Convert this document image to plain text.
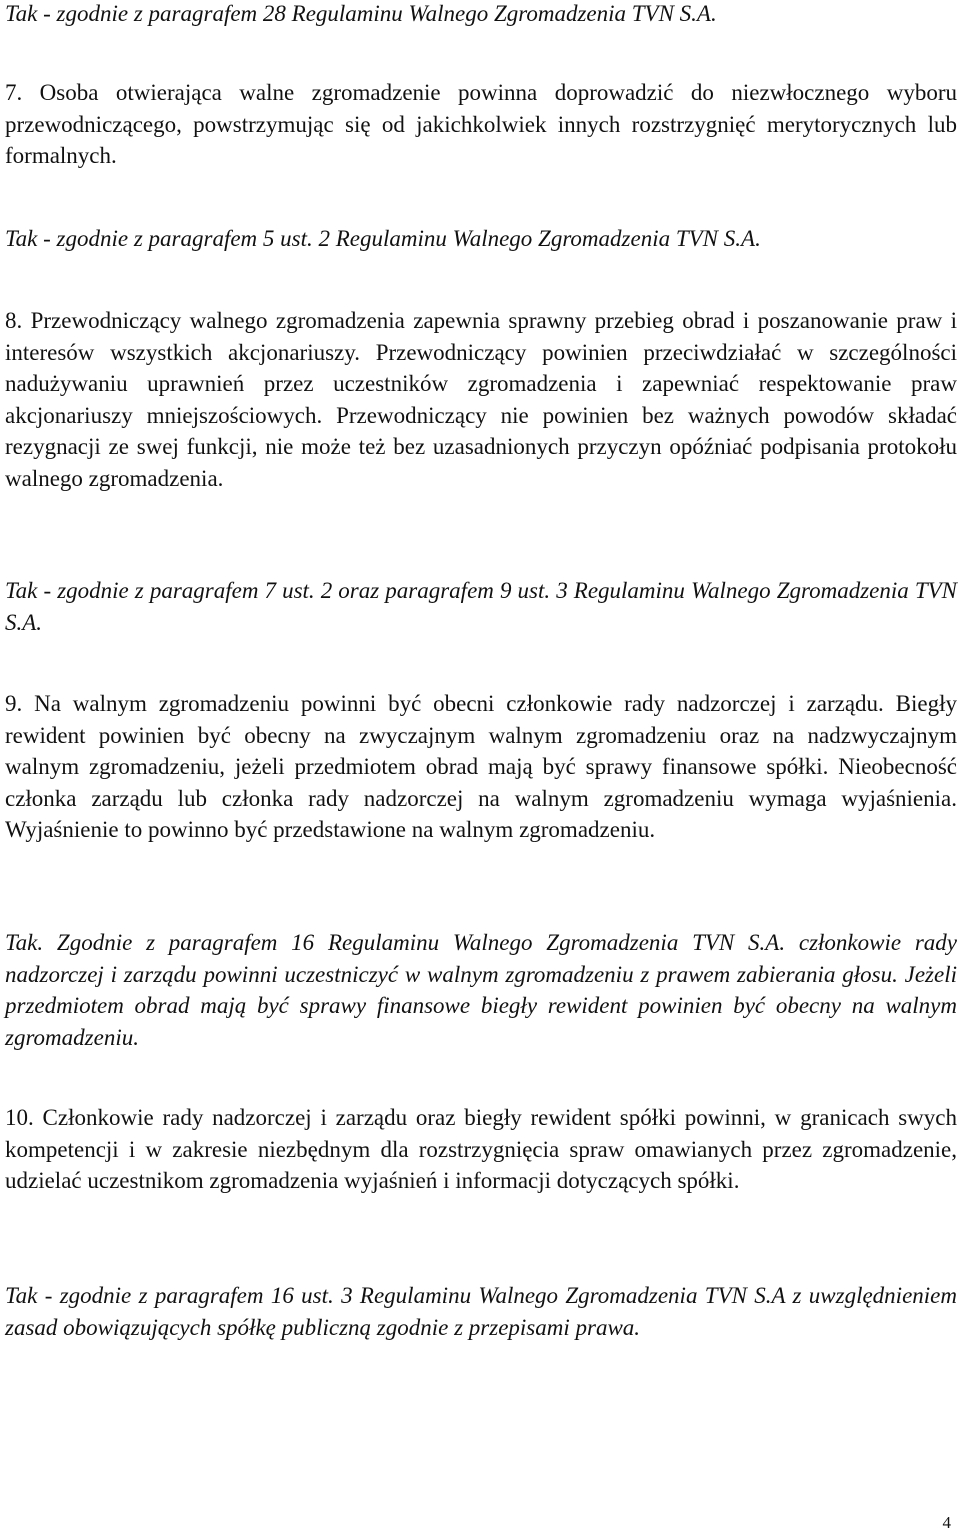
Tak - zgodnie z paragrafem 28 Regulaminu Walnego Zgromadzenia TVN S.A.

7. Osoba otwierająca walne zgromadzenie powinna doprowadzić do niezwłocznego wyboru przewodniczącego, powstrzymując się od jakichkolwiek innych rozstrzygnięć merytorycznych lub formalnych.

Tak - zgodnie z paragrafem 5 ust. 2 Regulaminu Walnego Zgromadzenia TVN S.A.

8. Przewodniczący walnego zgromadzenia zapewnia sprawny przebieg obrad i poszanowanie praw i interesów wszystkich akcjonariuszy. Przewodniczący powinien przeciwdziałać w szczególności nadużywaniu uprawnień przez uczestników zgromadzenia i zapewniać respektowanie praw akcjonariuszy mniejszościowych. Przewodniczący nie powinien bez ważnych powodów składać rezygnacji ze swej funkcji, nie może też bez uzasadnionych przyczyn opóźniać podpisania protokołu walnego zgromadzenia.

Tak - zgodnie z paragrafem 7 ust. 2 oraz paragrafem 9 ust. 3 Regulaminu Walnego Zgromadzenia TVN S.A.

9. Na walnym zgromadzeniu powinni być obecni członkowie rady nadzorczej i zarządu. Biegły rewident powinien być obecny na zwyczajnym walnym zgromadzeniu oraz na nadzwyczajnym walnym zgromadzeniu, jeżeli przedmiotem obrad mają być sprawy finansowe spółki. Nieobecność członka zarządu lub członka rady nadzorczej na walnym zgromadzeniu wymaga wyjaśnienia. Wyjaśnienie to powinno być przedstawione na walnym zgromadzeniu.

Tak. Zgodnie z paragrafem 16 Regulaminu Walnego Zgromadzenia TVN S.A. członkowie rady nadzorczej i zarządu powinni uczestniczyć w walnym zgromadzeniu z prawem zabierania głosu. Jeżeli przedmiotem obrad mają być sprawy finansowe biegły rewident powinien być obecny na walnym zgromadzeniu.

10. Członkowie rady nadzorczej i zarządu oraz biegły rewident spółki powinni, w granicach swych kompetencji i w zakresie niezbędnym dla rozstrzygnięcia spraw omawianych przez zgromadzenie, udzielać uczestnikom zgromadzenia wyjaśnień i informacji dotyczących spółki.

Tak - zgodnie z paragrafem 16 ust. 3 Regulaminu Walnego Zgromadzenia TVN S.A z uwzględnieniem zasad obowiązujących spółkę publiczną zgodnie z przepisami prawa.

4
